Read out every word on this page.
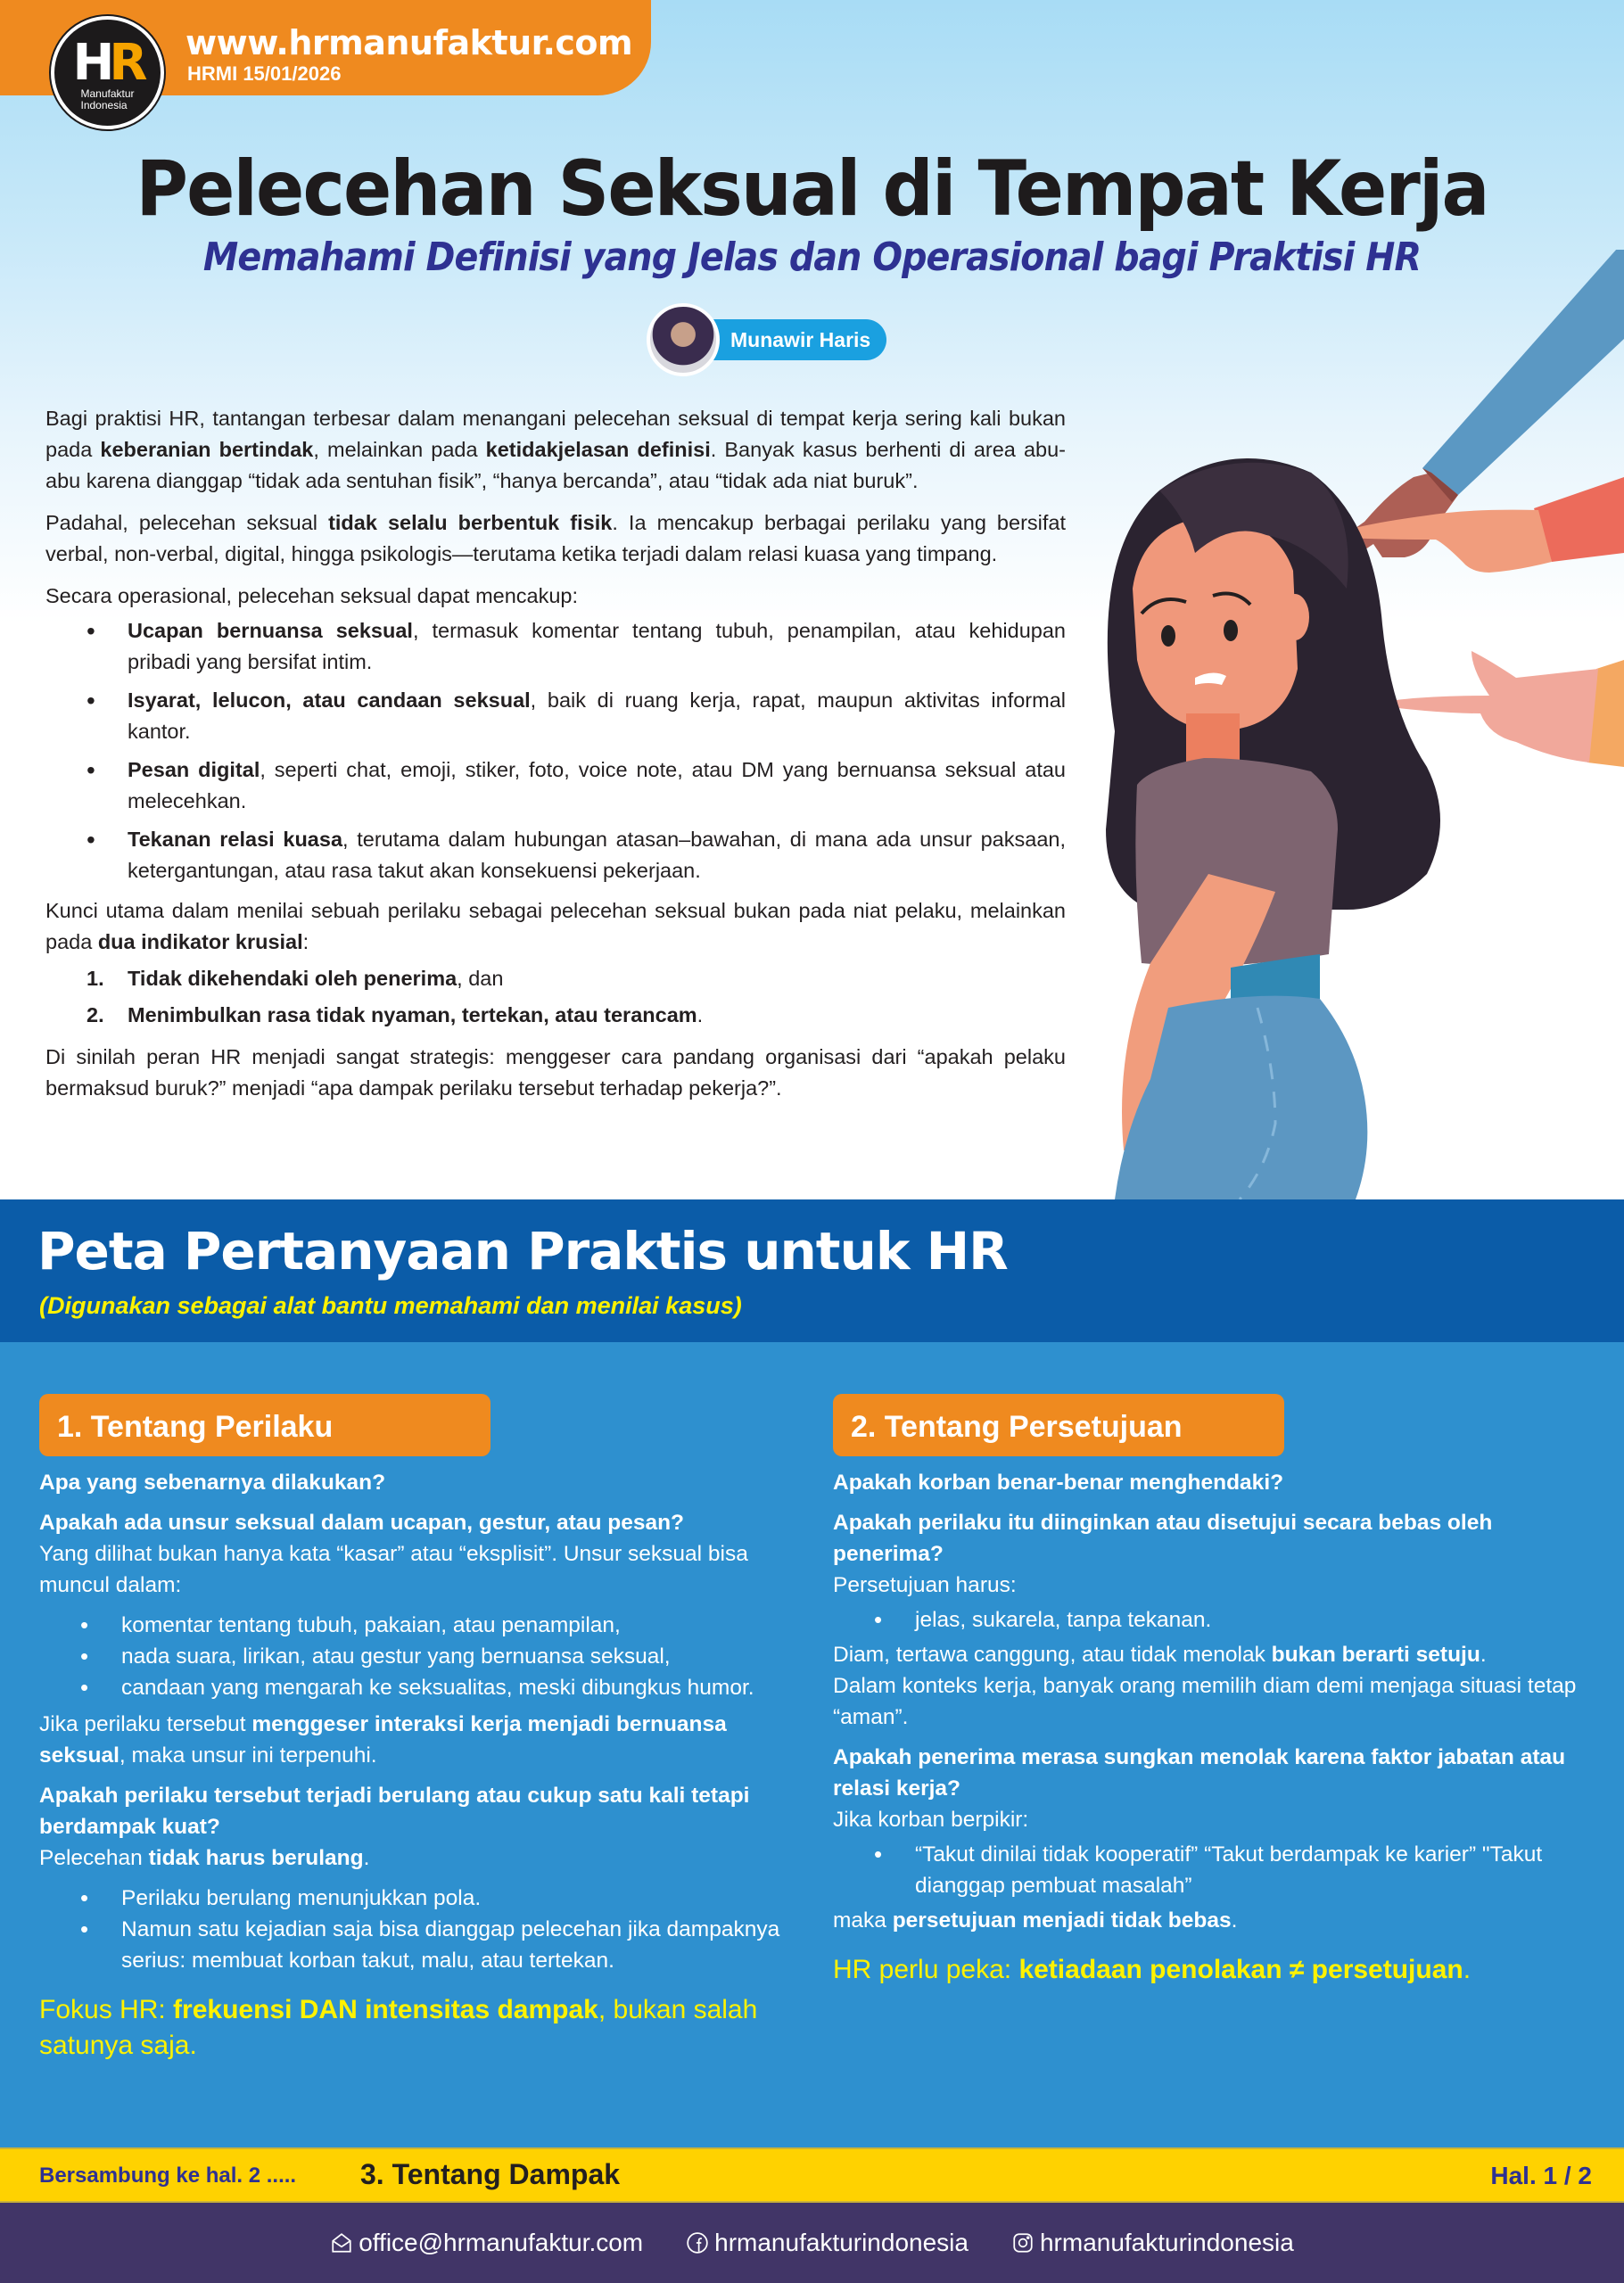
HR
Manufaktur
Indonesia
www.hrmanufaktur.com
HRMI 15/01/2026
Pelecehan Seksual di Tempat Kerja
Memahami Definisi yang Jelas dan Operasional bagi Praktisi HR
Munawir Haris

Bagi praktisi HR, tantangan terbesar dalam menangani pelecehan seksual di tempat kerja sering kali bukan pada keberanian bertindak, melainkan pada ketidakjelasan definisi. Banyak kasus berhenti di area abu-abu karena dianggap “tidak ada sentuhan fisik”, “hanya bercanda”, atau “tidak ada niat buruk”.

Padahal, pelecehan seksual tidak selalu berbentuk fisik. Ia mencakup berbagai perilaku yang bersifat verbal, non-verbal, digital, hingga psikologis—terutama ketika terjadi dalam relasi kuasa yang timpang.

Secara operasional, pelecehan seksual dapat mencakup:

• Ucapan bernuansa seksual, termasuk komentar tentang tubuh, penampilan, atau kehidupan pribadi yang bersifat intim.
• Isyarat, lelucon, atau candaan seksual, baik di ruang kerja, rapat, maupun aktivitas informal kantor.
• Pesan digital, seperti chat, emoji, stiker, foto, voice note, atau DM yang bernuansa seksual atau melecehkan.
• Tekanan relasi kuasa, terutama dalam hubungan atasan–bawahan, di mana ada unsur paksaan, ketergantungan, atau rasa takut akan konsekuensi pekerjaan.

Kunci utama dalam menilai sebuah perilaku sebagai pelecehan seksual bukan pada niat pelaku, melainkan pada dua indikator krusial:

1. Tidak dikehendaki oleh penerima, dan
2. Menimbulkan rasa tidak nyaman, tertekan, atau terancam.

Di sinilah peran HR menjadi sangat strategis: menggeser cara pandang organisasi dari “apakah pelaku bermaksud buruk?” menjadi “apa dampak perilaku tersebut terhadap pekerja?”.

Peta Pertanyaan Praktis untuk HR
(Digunakan sebagai alat bantu memahami dan menilai kasus)
1. Tentang Perilaku
Apa yang sebenarnya dilakukan?
Apakah ada unsur seksual dalam ucapan, gestur, atau pesan?

Yang dilihat bukan hanya kata “kasar” atau “eksplisit”. Unsur seksual bisa muncul dalam:

• komentar tentang tubuh, pakaian, atau penampilan,
• nada suara, lirikan, atau gestur yang bernuansa seksual,
• candaan yang mengarah ke seksualitas, meski dibungkus humor.

Jika perilaku tersebut menggeser interaksi kerja menjadi bernuansa seksual, maka unsur ini terpenuhi.

Apakah perilaku tersebut terjadi berulang atau cukup satu kali tetapi berdampak kuat?

Pelecehan tidak harus berulang.

• Perilaku berulang menunjukkan pola.
• Namun satu kejadian saja bisa dianggap pelecehan jika dampaknya serius: membuat korban takut, malu, atau tertekan.
Fokus HR: frekuensi DAN intensitas dampak, bukan salah satunya saja.
2. Tentang Persetujuan
Apakah korban benar-benar menghendaki?
Apakah perilaku itu diinginkan atau disetujui secara bebas oleh penerima?

Persetujuan harus:

• jelas, sukarela, tanpa tekanan.

Diam, tertawa canggung, atau tidak menolak bukan berarti setuju.

Dalam konteks kerja, banyak orang memilih diam demi menjaga situasi tetap “aman”.

Apakah penerima merasa sungkan menolak karena faktor jabatan atau relasi kerja?

Jika korban berpikir:

• “Takut dinilai tidak kooperatif” “Takut berdampak ke karier” "Takut dianggap pembuat masalah”

maka persetujuan menjadi tidak bebas.

HR perlu peka: ketiadaan penolakan ≠ persetujuan.
Bersambung ke hal. 2 ..... 3. Tentang Dampak	Hal. 1 / 2
office@hrmanufaktur.com	hrmanufakturindonesia	hrmanufakturindonesia
